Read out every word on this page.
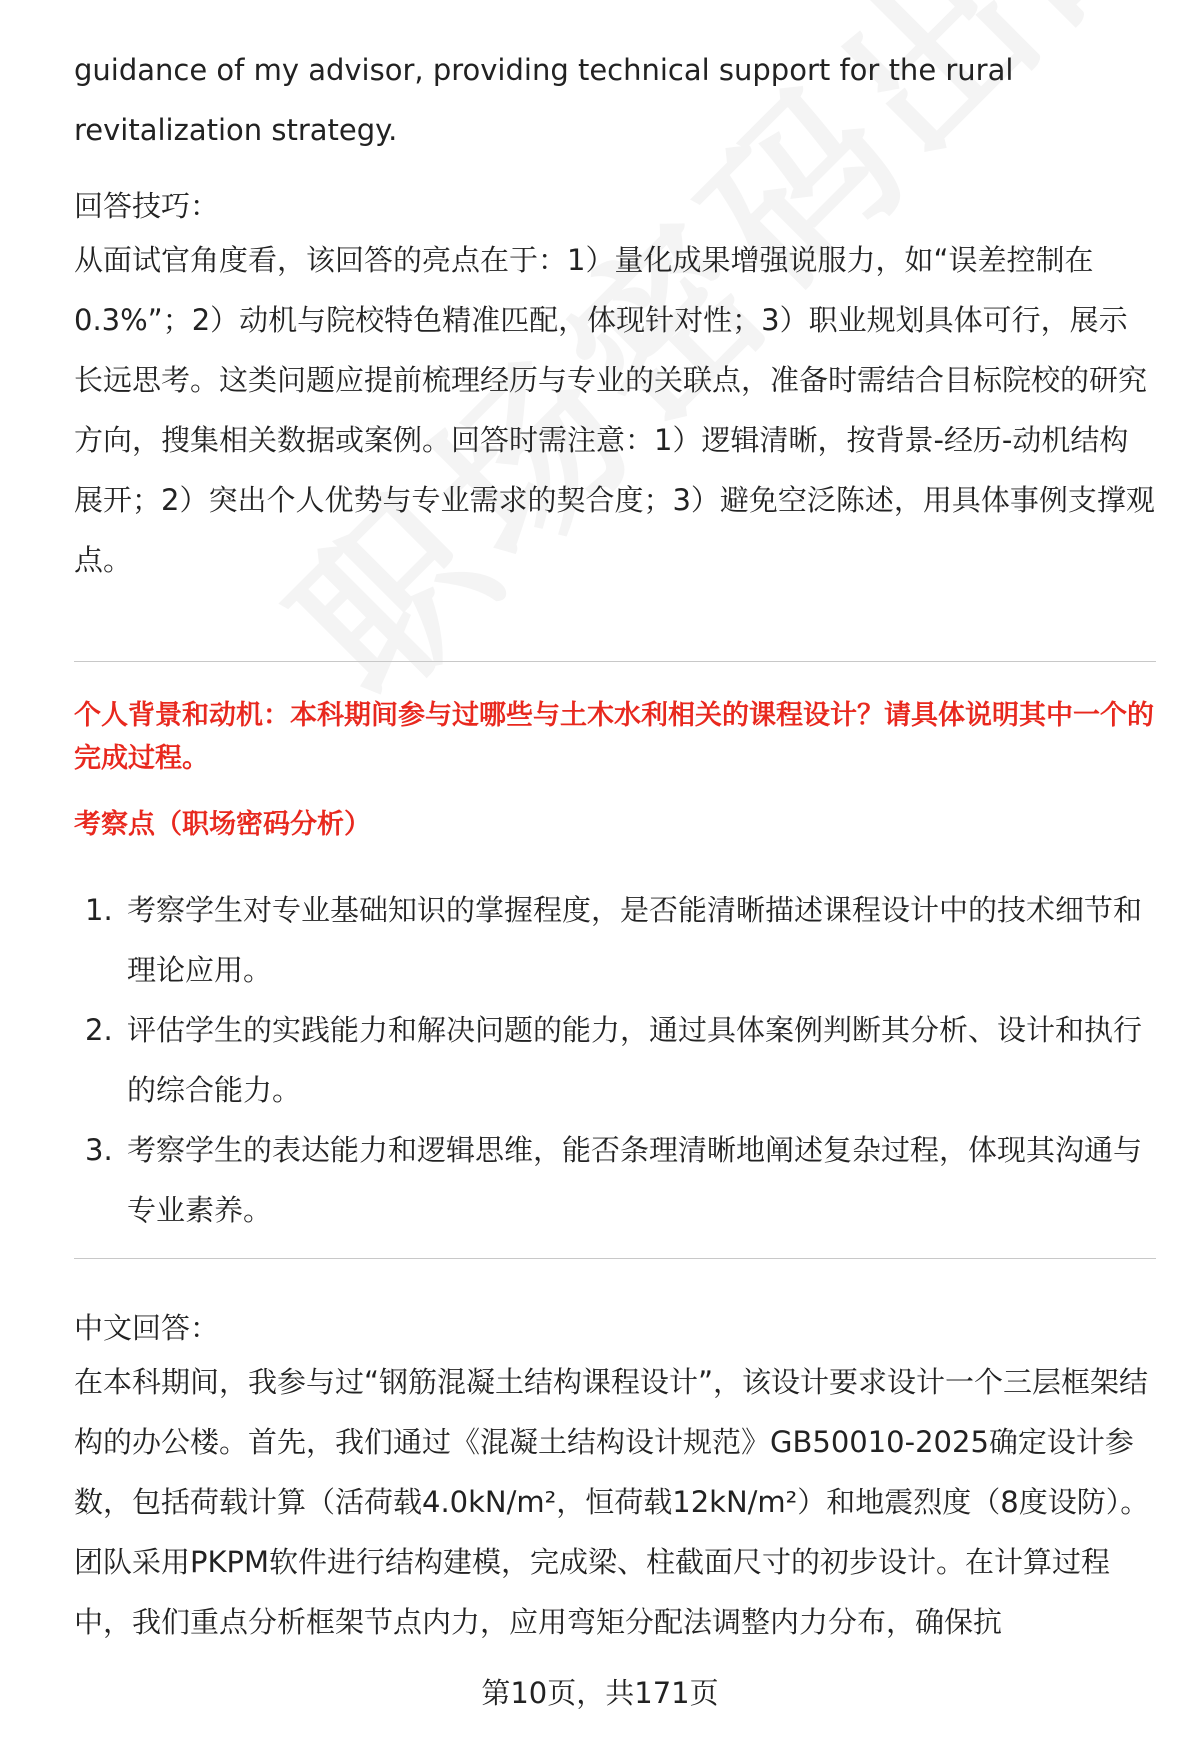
guidance of my advisor, providing technical support for the rural revitalization strategy.

回答技巧：

从面试官角度看，该回答的亮点在于：1）量化成果增强说服力，如“误差控制在0.3%”；2）动机与院校特色精准匹配，体现针对性；3）职业规划具体可行，展示长远思考。这类问题应提前梳理经历与专业的关联点，准备时需结合目标院校的研究方向，搜集相关数据或案例。回答时需注意：1）逻辑清晰，按背景-经历-动机结构展开；2）突出个人优势与专业需求的契合度；3）避免空泛陈述，用具体事例支撑观点。

个人背景和动机：本科期间参与过哪些与土木水利相关的课程设计？请具体说明其中一个的完成过程。

考察点（职场密码分析）
1. 考察学生对专业基础知识的掌握程度，是否能清晰描述课程设计中的技术细节和理论应用。
2. 评估学生的实践能力和解决问题的能力，通过具体案例判断其分析、设计和执行的综合能力。
3. 考察学生的表达能力和逻辑思维，能否条理清晰地阐述复杂过程，体现其沟通与专业素养。
中文回答：

在本科期间，我参与过“钢筋混凝土结构课程设计”，该设计要求设计一个三层框架结构的办公楼。首先，我们通过《混凝土结构设计规范》GB50010-2025确定设计参数，包括荷载计算（活荷载4.0kN/m²，恒荷载12kN/m²）和地震烈度（8度设防）。团队采用PKPM软件进行结构建模，完成梁、柱截面尺寸的初步设计。在计算过程中，我们重点分析框架节点内力，应用弯矩分配法调整内力分布，确保抗

第10页，共171页
